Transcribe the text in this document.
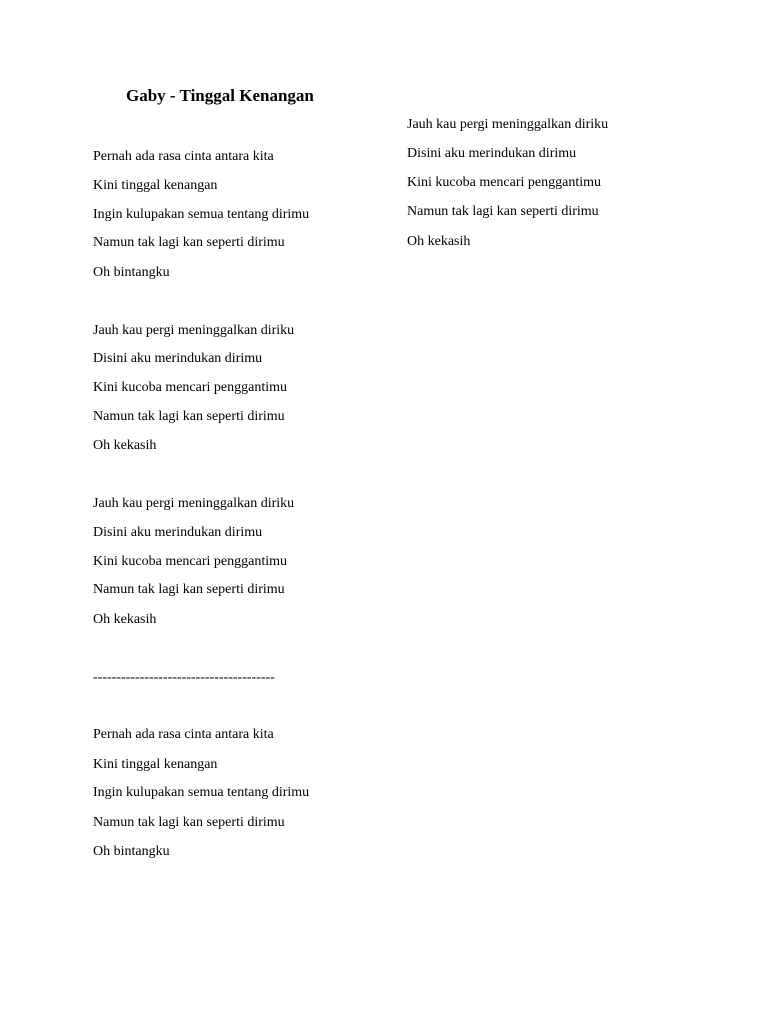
Gaby - Tinggal Kenangan
Pernah ada rasa cinta antara kita
Kini tinggal kenangan
Ingin kulupakan semua tentang dirimu
Namun tak lagi kan seperti dirimu
Oh bintangku
Jauh kau pergi meninggalkan diriku
Disini aku merindukan dirimu
Kini kucoba mencari penggantimu
Namun tak lagi kan seperti dirimu
Oh kekasih
Jauh kau pergi meninggalkan diriku
Disini aku merindukan dirimu
Kini kucoba mencari penggantimu
Namun tak lagi kan seperti dirimu
Oh kekasih
---------------------------------------
Pernah ada rasa cinta antara kita
Kini tinggal kenangan
Ingin kulupakan semua tentang dirimu
Namun tak lagi kan seperti dirimu
Oh bintangku
Jauh kau pergi meninggalkan diriku
Disini aku merindukan dirimu
Kini kucoba mencari penggantimu
Namun tak lagi kan seperti dirimu
Oh kekasih
